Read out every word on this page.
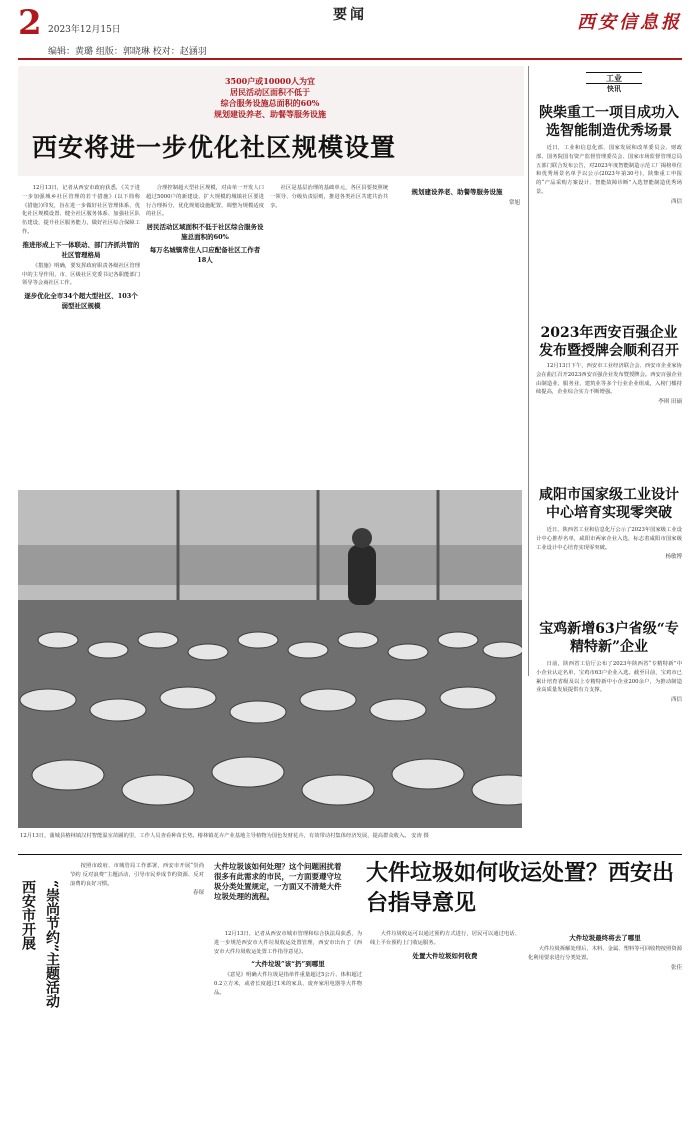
2 2023年12月15日
要闻	西安信息报
编辑：黄璐 组版：郭晓琳 校对：赵涵羽
3500户或10000人为宜
居民活动区面积不低于
综合服务设施总面积的60%
规划建设养老、助餐等服务设施
西安将进一步优化社区规模设置

12月13日，记者从西安市政府获悉，《关于进一步加强城乡社区管理的若干措施》(以下简称《措施》)印发，旨在进一步做好社区管理体系、优化社区规模设置、健全社区服务体系、加强社区队伍建设，提升社区服务能力，做好社区综合保障工作。

推进形成上下一体联动、部门齐抓共管的社区管理格局

《措施》明确，要发挥政府职责各级社区管理中的主导作用，市、区级社区党委书记各职能部门领导等会商社区工作。

逐步优化全市34个超大型社区、103个弱型社区规模

合理控制超大型社区规模，对由单一开发人口超过5000户的新建设、扩大规模的城镇社区要进行合理拆分，优化规划设施配置，调整为规模适度的社区。

居民活动区域面积不低于社区综合服务设施总面积的60%
每万名城镇常住人口应配备社区工作者18人

社区是基层治理的基础单元，各区县要按照统一领导、分级负责原则，推进各类社区共建共治共享。

规划建设养老、助餐等服务设施
常旭
12月13日，蒲城县椿林镇汉村智能温室苗圃的里，工作人员查看种苗长势。椿林镇花卉产业基地主导植物为国色发财花卉，有效带动村集体经济发展，提高群众收入。 安涛 摄
工业
快讯
陕柴重工一项目成功入选智能制造优秀场景

近日，工业和信息化部、国家发展和改革委员会、财政部、国务院国有资产监督管理委员会、国家市场监督管理总局五部门联合发布公告，对2023年度智能制造示范工厂揭榜单位和优秀场景名单予以公示(2023年第30号)，陕柴重工申报的“产品采购方案设计、智能故障诊断”入选智能制造优秀场景。

西信
2023年西安百强企业发布暨授牌会顺利召开

12月13日下午，西安市工业经济联合会、西安市企业家协会在曲江召开2023西安百强企业发布暨授牌会。西安百强企业由制造业、服务业、建筑业等多个行业企业组成，入榜门槛持续提高，企业综合实力不断增强。

李琪 田硕
咸阳市国家级工业设计中心培育实现零突破

近日，陕西省工业和信息化厅公示了2023年国家级工业设计中心推荐名单，咸阳市两家企业入选，标志着咸阳市国家级工业设计中心培育实现零突破。

杨敏博
宝鸡新增63户省级“专精特新”企业

日前，陕西省工信厅公布了2023年陕西省“专精特新”中小企业认定名单，宝鸡市63户企业入选。截至目前，宝鸡市已累计培育省级及以上专精特新中小企业200余户，为推动制造业高质量发展提供有力支撑。

西信
西安市开展 “崇尚节约”主题活动

按照市政府、市城管局工作部署，西安市开展“崇尚节约 反对浪费”主题活动，引导市民养成节约资源、反对浪费的良好习惯。

春琛
大件垃圾该如何处理？这个问题困扰着很多有此需求的市民，一方面要遵守垃圾分类处置规定，一方面又不清楚大件垃圾处理的流程。
大件垃圾如何收运处置？西安出台指导意见

12月13日，记者从西安市城市管理和综合执法局获悉，为进一步规范西安市大件垃圾收运处置管理，西安市出台了《西安市大件垃圾收运处置工作指导意见》。

“大件垃圾”该“扔”到哪里

《意见》明确大件垃圾是指单件重量超过5公斤、体积超过0.2立方米，或者长度超过1米的家具、废弃家用电器等大件物品。

大件垃圾收运可以通过预约方式进行，居民可以通过电话、线上平台预约上门收运服务。

处置大件垃圾如何收费
大件垃圾最终将去了哪里

大件垃圾拆解处理后，木料、金属、塑料等可回收物按照资源化利用要求进行分类处置。

张佳
